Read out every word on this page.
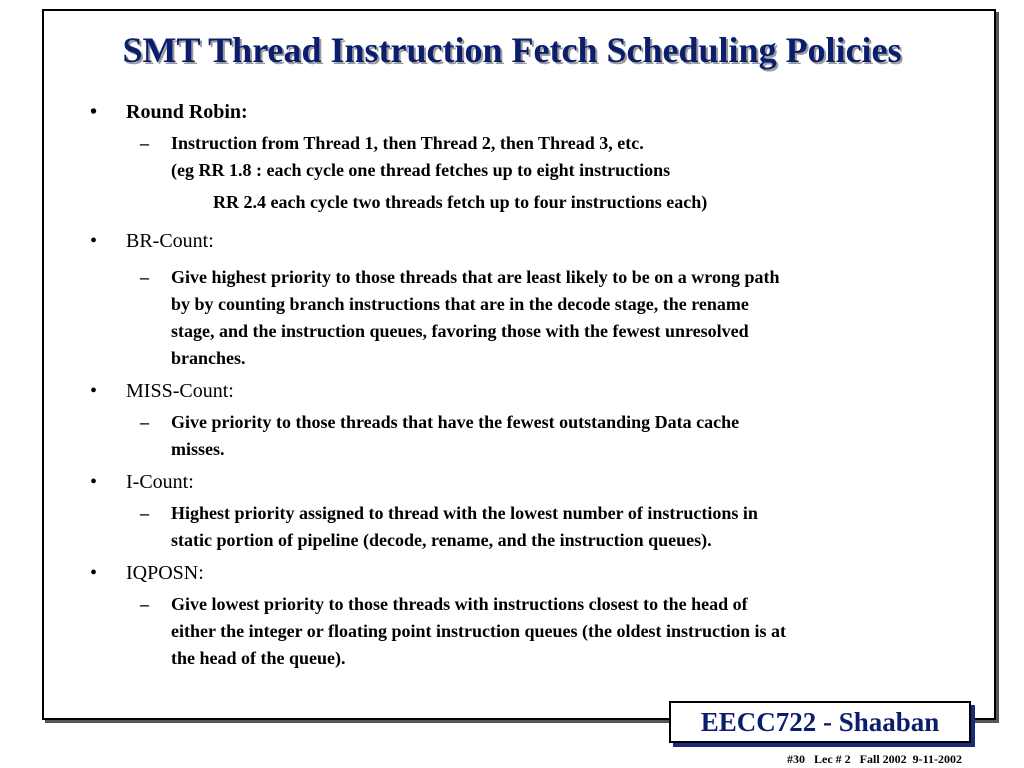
SMT Thread Instruction Fetch Scheduling Policies
• Round Robin:
– Instruction from Thread 1, then Thread 2, then Thread 3, etc.
(eg RR 1.8 : each cycle one thread fetches up to eight instructions
RR 2.4 each cycle two threads fetch up to four instructions each)
• BR-Count:
– Give highest priority to those threads that are least likely to be on a wrong path
by by counting branch instructions that are in the decode stage, the rename
stage, and the instruction queues, favoring those with the fewest unresolved
branches.
• MISS-Count:
– Give priority to those threads that have the fewest outstanding Data cache
misses.
• I-Count:
– Highest priority assigned to thread with the lowest number of instructions in
static portion of pipeline (decode, rename, and the instruction queues).
• IQPOSN:
– Give lowest priority to those threads with instructions closest to the head of
either the integer or floating point instruction queues (the oldest instruction is at
the head of the queue).
EECC722 - Shaaban
#30   Lec # 2   Fall 2002  9-11-2002
